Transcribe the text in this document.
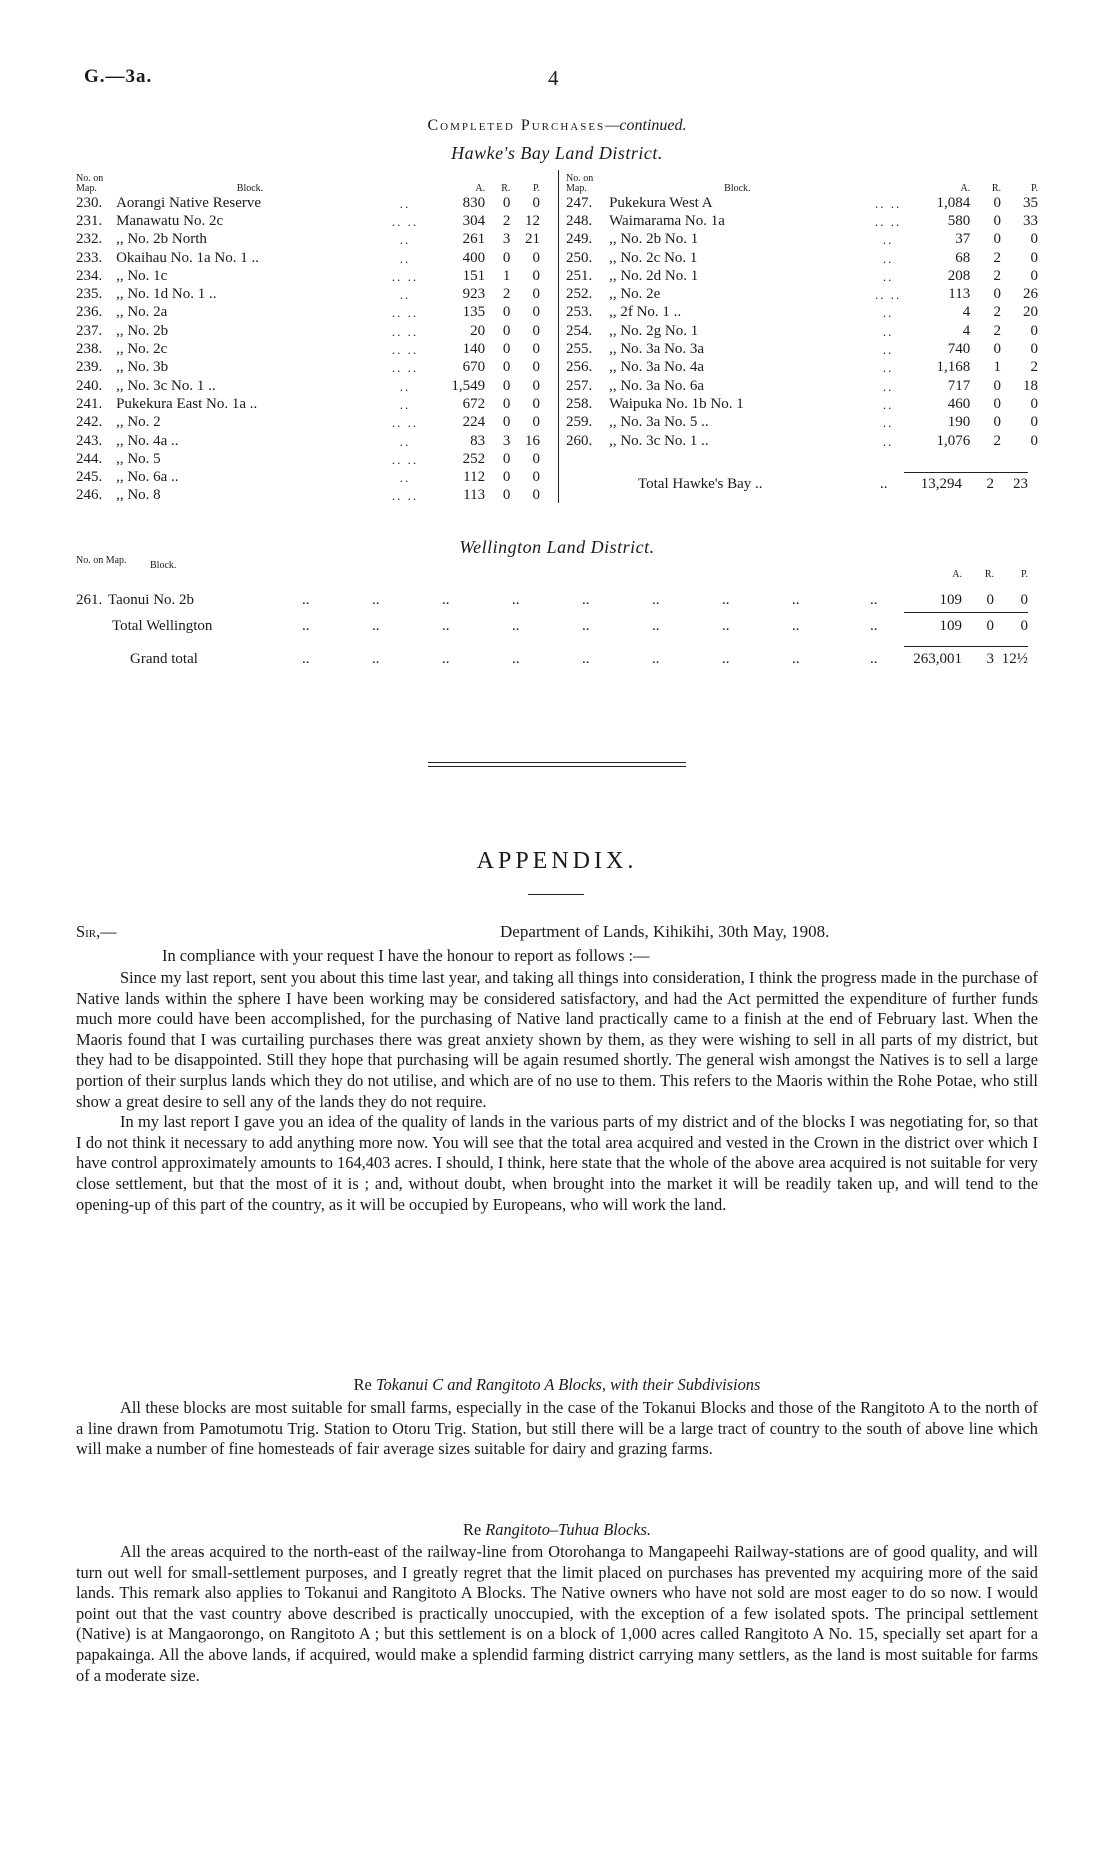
G.—3a.	4
Completed Purchases—continued.
Hawke's Bay Land District.
No. on Map.	Block.		A.	R.	P.
230.	Aorangi Native Reserve	..	830	0	0
231.	Manawatu No. 2c	.. ..	304	2	12
232.	,, No. 2b North	..	261	3	21
233.	Okaihau No. 1a No. 1 ..	..	400	0	0
234.	,, No. 1c	.. ..	151	1	0
235.	,, No. 1d No. 1 ..	..	923	2	0
236.	,, No. 2a	.. ..	135	0	0
237.	,, No. 2b	.. ..	20	0	0
238.	,, No. 2c	.. ..	140	0	0
239.	,, No. 3b	.. ..	670	0	0
240.	,, No. 3c No. 1 ..	..	1,549	0	0
241.	Pukekura East No. 1a ..	..	672	0	0
242.	,, No. 2	.. ..	224	0	0
243.	,, No. 4a ..	..	83	3	16
244.	,, No. 5	.. ..	252	0	0
245.	,, No. 6a ..	..	112	0	0
246.	,, No. 8	.. ..	113	0	0
No. on Map.	Block.		A.	R.	P.
247.	Pukekura West A	.. ..	1,084	0	35
248.	Waimarama No. 1a	.. ..	580	0	33
249.	,, No. 2b No. 1	..	37	0	0
250.	,, No. 2c No. 1	..	68	2	0
251.	,, No. 2d No. 1	..	208	2	0
252.	,, No. 2e	.. ..	113	0	26
253.	,, 2f No. 1 ..	..	4	2	20
254.	,, No. 2g No. 1	..	4	2	0
255.	,, No. 3a No. 3a	..	740	0	0
256.	,, No. 3a No. 4a	..	1,168	1	2
257.	,, No. 3a No. 6a	..	717	0	18
258.	Waipuka No. 1b No. 1	..	460	0	0
259.	,, No. 3a No. 5 ..	..	190	0	0
260.	,, No. 3c No. 1 ..	..	1,076	2	0
Total Hawke's Bay ..	..	13,294	2	23
Wellington Land District.
No. on Map. Block.
A.	R.	P.
261. Taonui No. 2b	..	..	..	..	..	..	..	..	..	109	0	0
Total Wellington	..	..	..	..	..	..	..	..	..	109	0	0
Grand total	..	..	..	..	..	..	..	..	..	263,001	3 12½
APPENDIX.
Sir,—	Department of Lands, Kihikihi, 30th May, 1908.
In compliance with your request I have the honour to report as follows :—

Since my last report, sent you about this time last year, and taking all things into consideration, I think the progress made in the purchase of Native lands within the sphere I have been working may be considered satisfactory, and had the Act permitted the expenditure of further funds much more could have been accomplished, for the purchasing of Native land practically came to a finish at the end of February last. When the Maoris found that I was curtailing purchases there was great anxiety shown by them, as they were wishing to sell in all parts of my district, but they had to be disappointed. Still they hope that purchasing will be again resumed shortly. The general wish amongst the Natives is to sell a large portion of their surplus lands which they do not utilise, and which are of no use to them. This refers to the Maoris within the Rohe Potae, who still show a great desire to sell any of the lands they do not require.

In my last report I gave you an idea of the quality of lands in the various parts of my district and of the blocks I was negotiating for, so that I do not think it necessary to add anything more now. You will see that the total area acquired and vested in the Crown in the district over which I have control approximately amounts to 164,403 acres. I should, I think, here state that the whole of the above area acquired is not suitable for very close settlement, but that the most of it is ; and, without doubt, when brought into the market it will be readily taken up, and will tend to the opening-up of this part of the country, as it will be occupied by Europeans, who will work the land.

Re Tokanui C and Rangitoto A Blocks, with their Subdivisions

All these blocks are most suitable for small farms, especially in the case of the Tokanui Blocks and those of the Rangitoto A to the north of a line drawn from Pamotumotu Trig. Station to Otoru Trig. Station, but still there will be a large tract of country to the south of above line which will make a number of fine homesteads of fair average sizes suitable for dairy and grazing farms.

Re Rangitoto–Tuhua Blocks.

All the areas acquired to the north-east of the railway-line from Otorohanga to Mangapeehi Railway-stations are of good quality, and will turn out well for small-settlement purposes, and I greatly regret that the limit placed on purchases has prevented my acquiring more of the said lands. This remark also applies to Tokanui and Rangitoto A Blocks. The Native owners who have not sold are most eager to do so now. I would point out that the vast country above described is practically unoccupied, with the exception of a few isolated spots. The principal settlement (Native) is at Mangaorongo, on Rangitoto A ; but this settlement is on a block of 1,000 acres called Rangitoto A No. 15, specially set apart for a papakainga. All the above lands, if acquired, would make a splendid farming district carrying many settlers, as the land is most suitable for farms of a moderate size.
